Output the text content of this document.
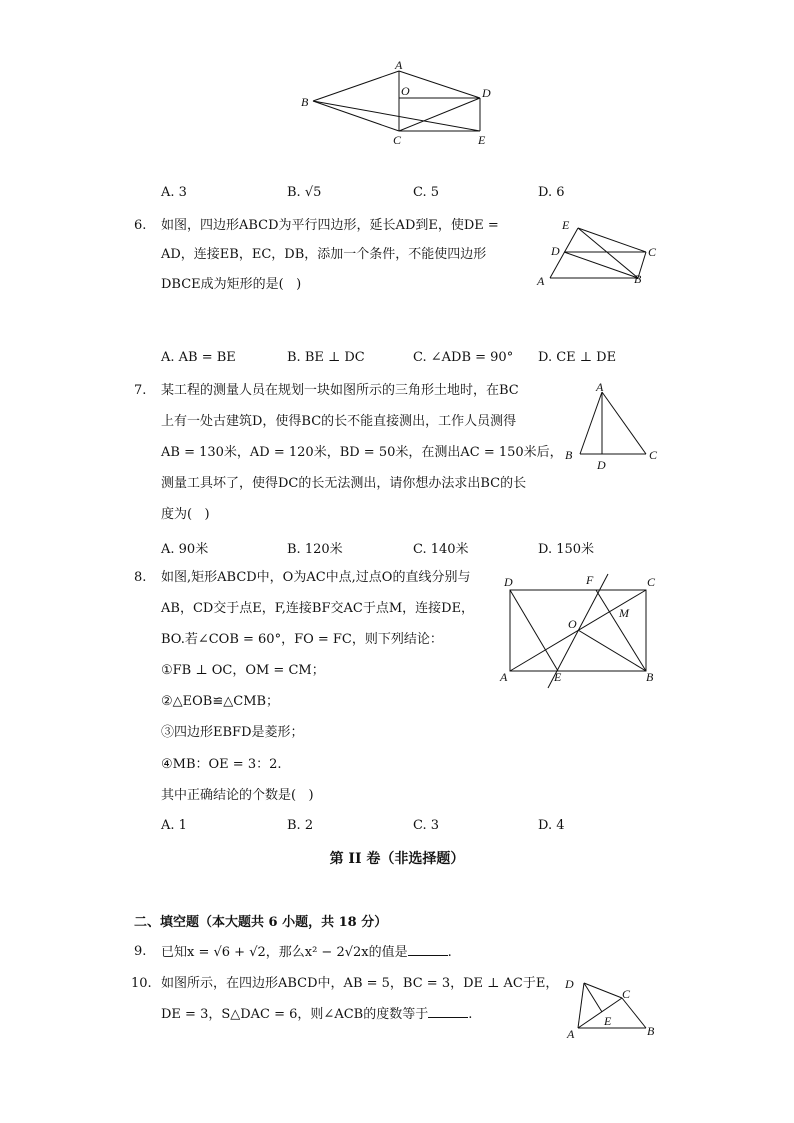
A
B
O	D
C	E
A. 3	B. √5	C. 5	D. 6
6. 如图，四边形ABCD为平行四边形，延长AD到E，使DE =
AD，连接EB，EC，DB，添加一个条件，不能使四边形
DBCE成为矩形的是(   )
E
D	C
A	B
A. AB = BE	B. BE ⊥ DC	C. ∠ADB = 90° D. CE ⊥ DE
7. 某工程的测量人员在规划一块如图所示的三角形土地时，在BC
上有一处古建筑D，使得BC的长不能直接测出，工作人员测得
AB = 130米，AD = 120米，BD = 50米，在测出AC = 150米后，
测量工具坏了，使得DC的长无法测出，请你想办法求出BC的长
度为(   )
A
B
D
C
A. 90米	B. 120米	C. 140米	D. 150米
8. 如图,矩形ABCD中，O为AC中点,过点O的直线分别与
AB，CD交于点E，F,连接BF交AC于点M，连接DE，
BO.若∠COB = 60°，FO = FC，则下列结论：
①FB ⊥ OC，OM = CM；
②△EOB≌△CMB；
③四边形EBFD是菱形；
④MB：OE = 3：2.
其中正确结论的个数是(   )
D	F	C
O
M
A	E	B
A. 1	B. 2	C. 3	D. 4
第 II 卷（非选择题）
二、填空题（本大题共 6 小题，共 18 分）
9. 已知x = √6 + √2，那么x² − 2√2x的值是	.
10. 如图所示，在四边形ABCD中，AB = 5，BC = 3，DE ⊥ AC于E，
DE = 3，S△DAC = 6，则∠ACB的度数等于	.
D
C
E
A	B
